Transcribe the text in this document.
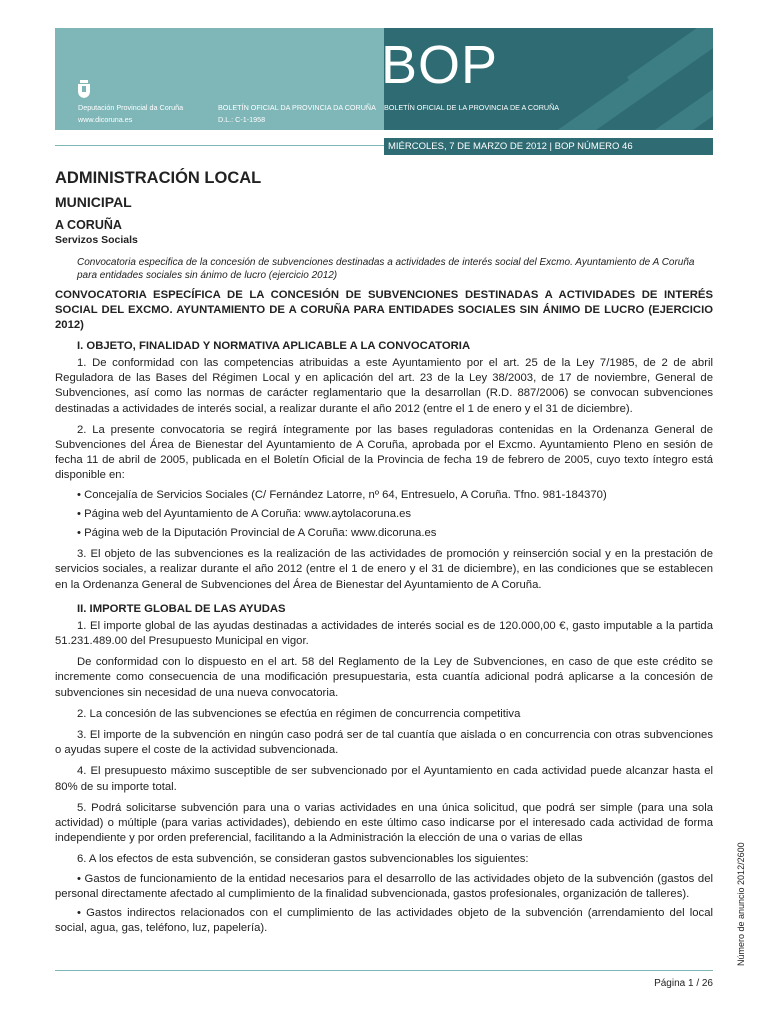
BOP
Deputación Provincial da Coruña
www.dicoruna.es
BOLETÍN OFICIAL DA PROVINCIA DA CORUÑA
D.L.: C-1-1958
BOLETÍN OFICIAL DE LA PROVINCIA DE A CORUÑA
MIÉRCOLES, 7 DE MARZO DE 2012 | BOP NÚMERO 46

ADMINISTRACIÓN LOCAL

MUNICIPAL

A CORUÑA

Servizos Socials

Convocatoria especifica de la concesión de subvenciones destinadas a actividades de interés social del Excmo. Ayuntamiento de A Coruña para entidades sociales sin ánimo de lucro (ejercicio 2012)

CONVOCATORIA ESPECÍFICA DE LA CONCESIÓN DE SUBVENCIONES DESTINADAS A ACTIVIDADES DE INTERÉS SOCIAL DEL EXCMO. AYUNTAMIENTO DE A CORUÑA PARA ENTIDADES SOCIALES SIN ÁNIMO DE LUCRO (EJERCICIO 2012)

I. OBJETO, FINALIDAD Y NORMATIVA APLICABLE A LA CONVOCATORIA

1. De conformidad con las competencias atribuidas a este Ayuntamiento por el art. 25 de la Ley 7/1985, de 2 de abril Reguladora de las Bases del Régimen Local y en aplicación del art. 23 de la Ley 38/2003, de 17 de noviembre, General de Subvenciones, así como las normas de carácter reglamentario que la desarrollan (R.D. 887/2006) se convocan subvenciones destinadas a actividades de interés social, a realizar durante el año 2012 (entre el 1 de enero y el 31 de diciembre).

2. La presente convocatoria se regirá íntegramente por las bases reguladoras contenidas en la Ordenanza General de Subvenciones del Área de Bienestar del Ayuntamiento de A Coruña, aprobada por el Excmo. Ayuntamiento Pleno en sesión de fecha 11 de abril de 2005, publicada en el Boletín Oficial de la Provincia de fecha 19 de febrero de 2005, cuyo texto íntegro está disponible en:

• Concejalía de Servicios Sociales (C/ Fernández Latorre, nº 64, Entresuelo, A Coruña. Tfno. 981-184370)

• Página web del Ayuntamiento de A Coruña: www.aytolacoruna.es

• Página web de la Diputación Provincial de A Coruña: www.dicoruna.es

3. El objeto de las subvenciones es la realización de las actividades de promoción y reinserción social y en la prestación de servicios sociales, a realizar durante el año 2012 (entre el 1 de enero y el 31 de diciembre), en las condiciones que se establecen en la Ordenanza General de Subvenciones del Área de Bienestar del Ayuntamiento de A Coruña.

II. IMPORTE GLOBAL DE LAS AYUDAS

1. El importe global de las ayudas destinadas a actividades de interés social es de 120.000,00 €, gasto imputable a la partida 51.231.489.00 del Presupuesto Municipal en vigor.

De conformidad con lo dispuesto en el art. 58 del Reglamento de la Ley de Subvenciones, en caso de que este crédito se incremente como consecuencia de una modificación presupuestaria, esta cuantía adicional podrá aplicarse a la concesión de subvenciones sin necesidad de una nueva convocatoria.

2. La concesión de las subvenciones se efectúa en régimen de concurrencia competitiva

3. El importe de la subvención en ningún caso podrá ser de tal cuantía que aislada o en concurrencia con otras subvenciones o ayudas supere el coste de la actividad subvencionada.

4. El presupuesto máximo susceptible de ser subvencionado por el Ayuntamiento en cada actividad puede alcanzar hasta el 80% de su importe total.

5. Podrá solicitarse subvención para una o varias actividades en una única solicitud, que podrá ser simple (para una sola actividad) o múltiple (para varias actividades), debiendo en este último caso indicarse por el interesado cada actividad de forma independiente y por orden preferencial, facilitando a la Administración la elección de una o varias de ellas

6. A los efectos de esta subvención, se consideran gastos subvencionables los siguientes:

• Gastos de funcionamiento de la entidad necesarios para el desarrollo de las actividades objeto de la subvención (gastos del personal directamente afectado al cumplimiento de la finalidad subvencionada, gastos profesionales, organización de talleres).

• Gastos indirectos relacionados con el cumplimiento de las actividades objeto de la subvención (arrendamiento del local social, agua, gas, teléfono, luz, papelería).

Página 1 / 26
Número de anuncio 2012/2600
